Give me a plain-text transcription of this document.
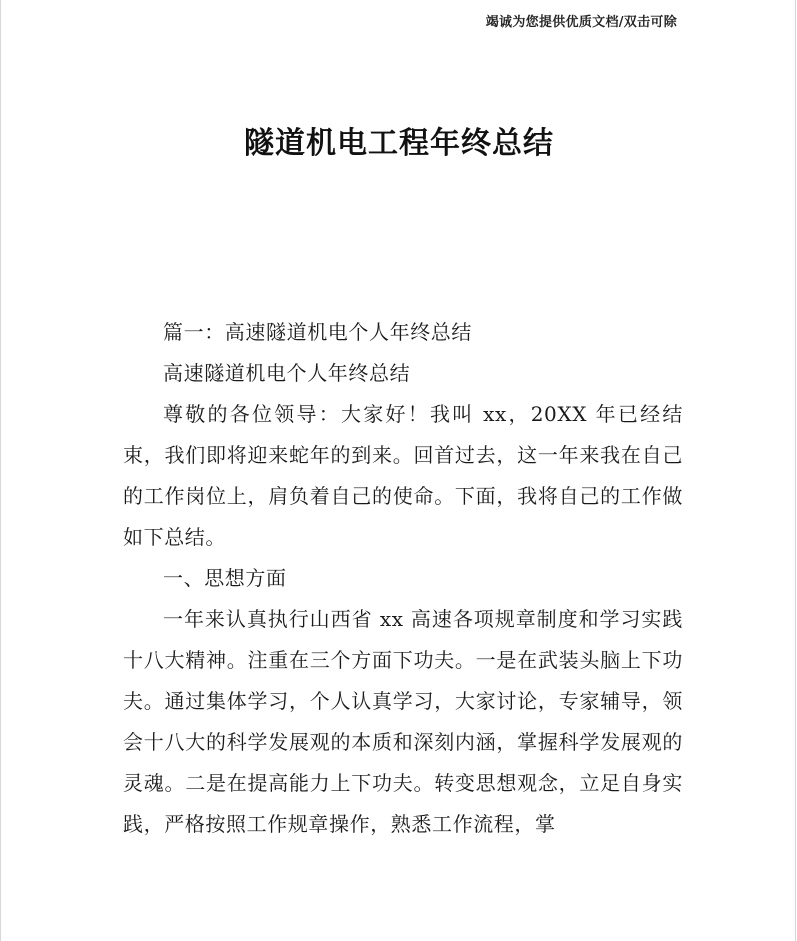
竭诚为您提供优质文档/双击可除
隧道机电工程年终总结

篇一：高速隧道机电个人年终总结

高速隧道机电个人年终总结

尊敬的各位领导：大家好！我叫 xx，20XX 年已经结束，我们即将迎来蛇年的到来。回首过去，这一年来我在自己的工作岗位上，肩负着自己的使命。下面，我将自己的工作做如下总结。

一、思想方面

一年来认真执行山西省 xx 高速各项规章制度和学习实践十八大精神。注重在三个方面下功夫。一是在武装头脑上下功夫。通过集体学习，个人认真学习，大家讨论，专家辅导，领会十八大的科学发展观的本质和深刻内涵，掌握科学发展观的灵魂。二是在提高能力上下功夫。转变思想观念，立足自身实践，严格按照工作规章操作，熟悉工作流程，掌
